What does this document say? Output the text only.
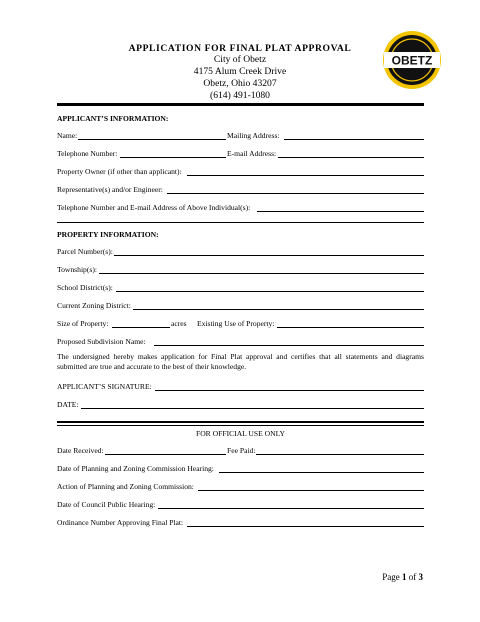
APPLICATION FOR FINAL PLAT APPROVAL
City of Obetz
4175 Alum Creek Drive
Obetz, Ohio 43207
(614) 491-1080
OBETZ
APPLICANT’S INFORMATION:
Name:	Mailing Address:
Telephone Number:	E-mail Address:
Property Owner (if other than applicant):
Representative(s) and/or Engineer:
Telephone Number and E-mail Address of Above Individual(s):
PROPERTY INFORMATION:
Parcel Number(s):
Township(s):
School District(s):
Current Zoning District:
Size of Property:	acres Existing Use of Property:
Proposed Subdivision Name:
The undersigned hereby makes application for Final Plat approval and certifies that all statements and diagrams submitted are true and accurate to the best of their knowledge.
APPLICANT’S SIGNATURE:
DATE:
FOR OFFICIAL USE ONLY
Date Received:	Fee Paid:
Date of Planning and Zoning Commission Hearing:
Action of Planning and Zoning Commission:
Date of Council Public Hearing:
Ordinance Number Approving Final Plat:
Page 1 of 3
